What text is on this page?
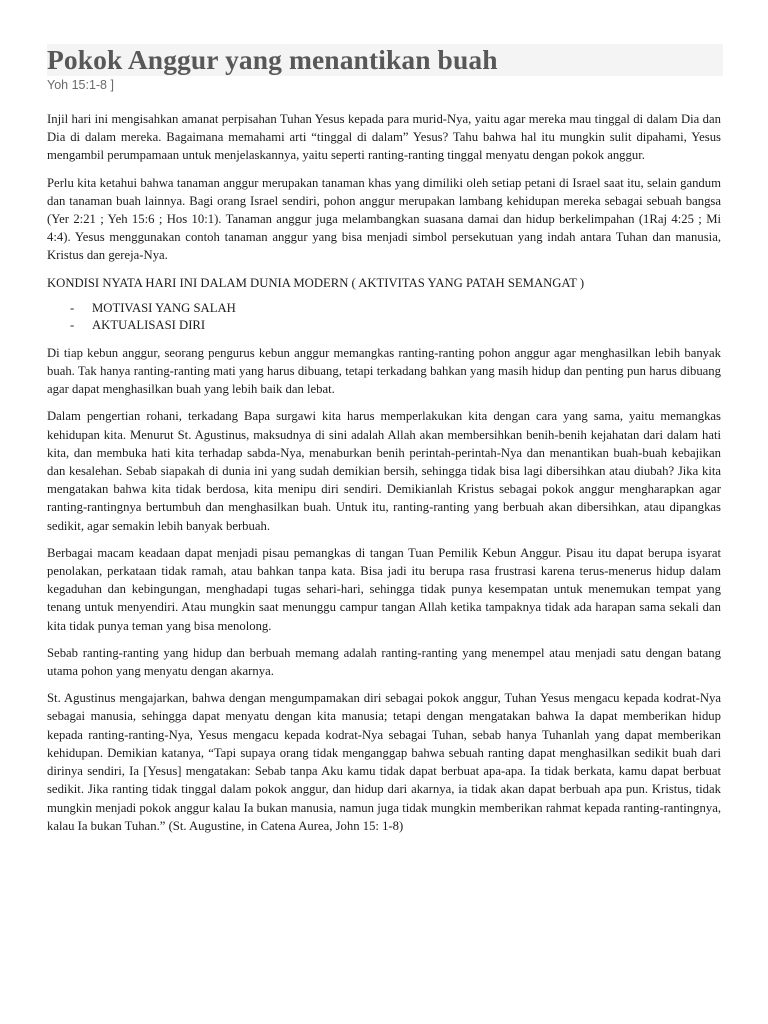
Pokok Anggur yang menantikan buah
Yoh 15:1-8 ]

Injil hari ini mengisahkan amanat perpisahan Tuhan Yesus kepada para murid-Nya, yaitu agar mereka mau tinggal di dalam Dia dan Dia di dalam mereka. Bagaimana memahami arti “tinggal di dalam” Yesus? Tahu bahwa hal itu mungkin sulit dipahami, Yesus mengambil perumpamaan untuk menjelaskannya, yaitu seperti ranting-ranting tinggal menyatu dengan pokok anggur.

Perlu kita ketahui bahwa tanaman anggur merupakan tanaman khas yang dimiliki oleh setiap petani di Israel saat itu, selain gandum dan tanaman buah lainnya. Bagi orang Israel sendiri, pohon anggur merupakan lambang kehidupan mereka sebagai sebuah bangsa (Yer 2:21 ; Yeh 15:6 ; Hos 10:1). Tanaman anggur juga melambangkan suasana damai dan hidup berkelimpahan (1Raj 4:25 ; Mi 4:4). Yesus menggunakan contoh tanaman anggur yang bisa menjadi simbol persekutuan yang indah antara Tuhan dan manusia, Kristus dan gereja-Nya.

KONDISI NYATA HARI INI DALAM DUNIA MODERN ( AKTIVITAS YANG PATAH SEMANGAT )

- MOTIVASI YANG SALAH
- AKTUALISASI DIRI

Di tiap kebun anggur, seorang pengurus kebun anggur memangkas ranting-ranting pohon anggur agar menghasilkan lebih banyak buah. Tak hanya ranting-ranting mati yang harus dibuang, tetapi terkadang bahkan yang masih hidup dan penting pun harus dibuang agar dapat menghasilkan buah yang lebih baik dan lebat.

Dalam pengertian rohani, terkadang Bapa surgawi kita harus memperlakukan kita dengan cara yang sama, yaitu memangkas kehidupan kita. Menurut St. Agustinus, maksudnya di sini adalah Allah akan membersihkan benih-benih kejahatan dari dalam hati kita, dan membuka hati kita terhadap sabda-Nya, menaburkan benih perintah-perintah-Nya dan menantikan buah-buah kebajikan dan kesalehan. Sebab siapakah di dunia ini yang sudah demikian bersih, sehingga tidak bisa lagi dibersihkan atau diubah? Jika kita mengatakan bahwa kita tidak berdosa, kita menipu diri sendiri. Demikianlah Kristus sebagai pokok anggur mengharapkan agar ranting-rantingnya bertumbuh dan menghasilkan buah. Untuk itu, ranting-ranting yang berbuah akan dibersihkan, atau dipangkas sedikit, agar semakin lebih banyak berbuah.

Berbagai macam keadaan dapat menjadi pisau pemangkas di tangan Tuan Pemilik Kebun Anggur. Pisau itu dapat berupa isyarat penolakan, perkataan tidak ramah, atau bahkan tanpa kata. Bisa jadi itu berupa rasa frustrasi karena terus-menerus hidup dalam kegaduhan dan kebingungan, menghadapi tugas sehari-hari, sehingga tidak punya kesempatan untuk menemukan tempat yang tenang untuk menyendiri. Atau mungkin saat menunggu campur tangan Allah ketika tampaknya tidak ada harapan sama sekali dan kita tidak punya teman yang bisa menolong.

Sebab ranting-ranting yang hidup dan berbuah memang adalah ranting-ranting yang menempel atau menjadi satu dengan batang utama pohon yang menyatu dengan akarnya.

St. Agustinus mengajarkan, bahwa dengan mengumpamakan diri sebagai pokok anggur, Tuhan Yesus mengacu kepada kodrat-Nya sebagai manusia, sehingga dapat menyatu dengan kita manusia; tetapi dengan mengatakan bahwa Ia dapat memberikan hidup kepada ranting-ranting-Nya, Yesus mengacu kepada kodrat-Nya sebagai Tuhan, sebab hanya Tuhanlah yang dapat memberikan kehidupan. Demikian katanya, “Tapi supaya orang tidak menganggap bahwa sebuah ranting dapat menghasilkan sedikit buah dari dirinya sendiri, Ia [Yesus] mengatakan: Sebab tanpa Aku kamu tidak dapat berbuat apa-apa. Ia tidak berkata, kamu dapat berbuat sedikit. Jika ranting tidak tinggal dalam pokok anggur, dan hidup dari akarnya, ia tidak akan dapat berbuah apa pun. Kristus, tidak mungkin menjadi pokok anggur kalau Ia bukan manusia, namun juga tidak mungkin memberikan rahmat kepada ranting-rantingnya, kalau Ia bukan Tuhan.” (St. Augustine, in Catena Aurea, John 15: 1-8)
